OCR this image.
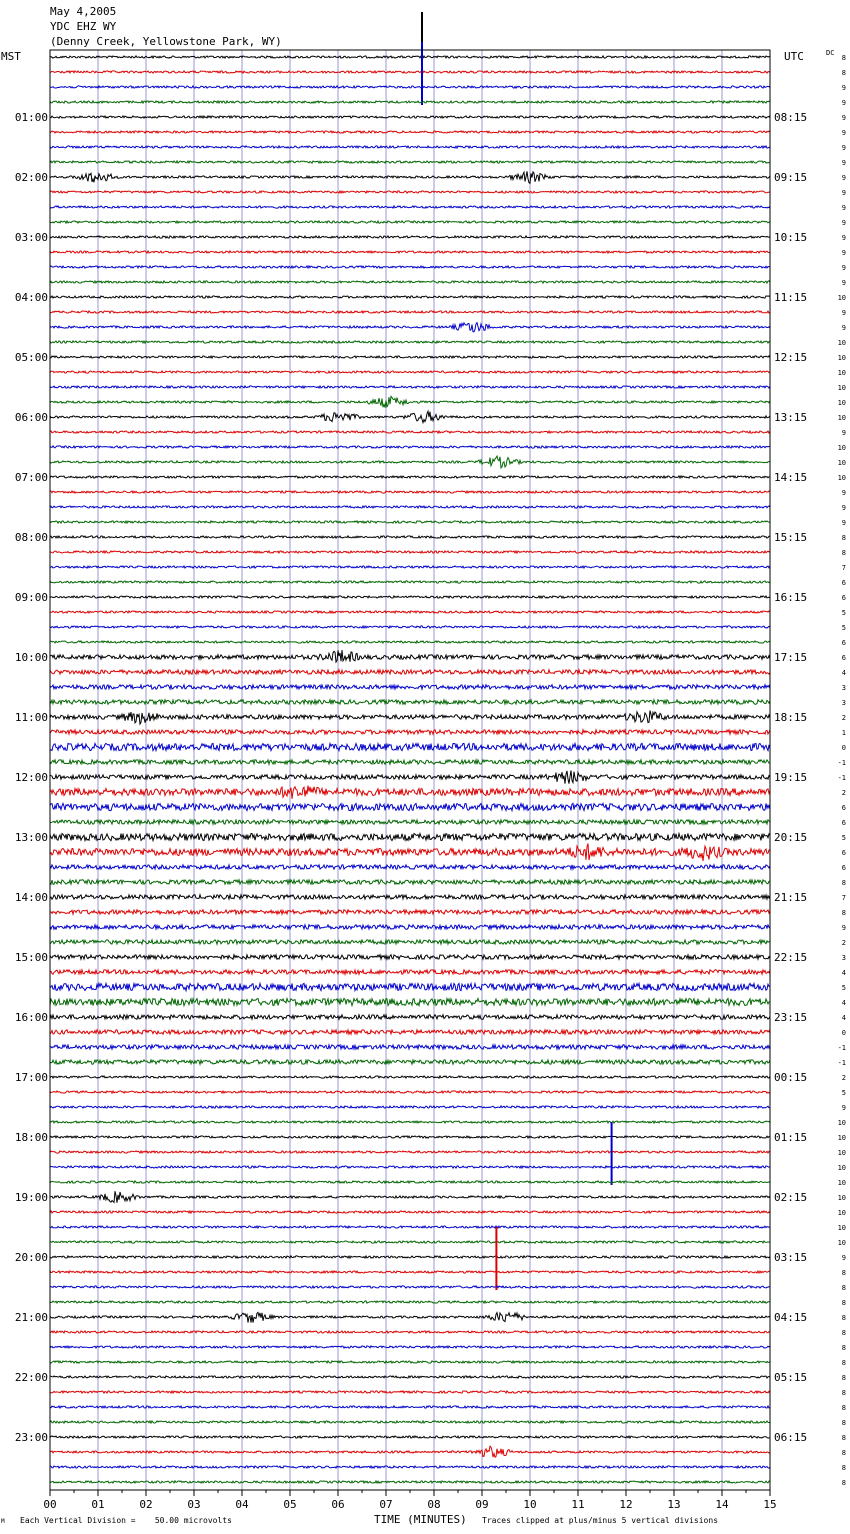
May 4,2005
YDC EHZ WY
(Denny Creek, Yellowstone Park, WY)
MST	UTC	DC
M Each Vertical Division =    50.00 microvolts	TIME (MINUTES) Traces clipped at plus/minus 5 vertical divisions
00	01	02	03	04	05	06	07	08	09	10	11	12	13	14	15
01:00
02:00
03:00
04:00
05:00
06:00
07:00
08:00
09:00
10:00
11:00
12:00
13:00
14:00
15:00
16:00
17:00
18:00
19:00
20:00
21:00
22:00
23:00
08:15
09:15
10:15
11:15
12:15
13:15
14:15
15:15
16:15
17:15
18:15
19:15
20:15
21:15
22:15
23:15
00:15
01:15
02:15
03:15
04:15
05:15
06:15
8
8
9
9
9
9
9
9
9
9
9
9
9
9
9
9
10
9
9
10
10
10
10
10
10
9
10
10
10
9
9
9
8
8
7
6
6
5
5
6
6
4
3
3
2
1
0
-1
-1
2
6
6
5
6
6
8
7
8
9
2
3
4
5
4
4
0
-1
-1
2
5
9
10
10
10
10
10
10
10
10
10
9
8
8
8
8
8
8
8
8
8
8
8
8
8
8
8
